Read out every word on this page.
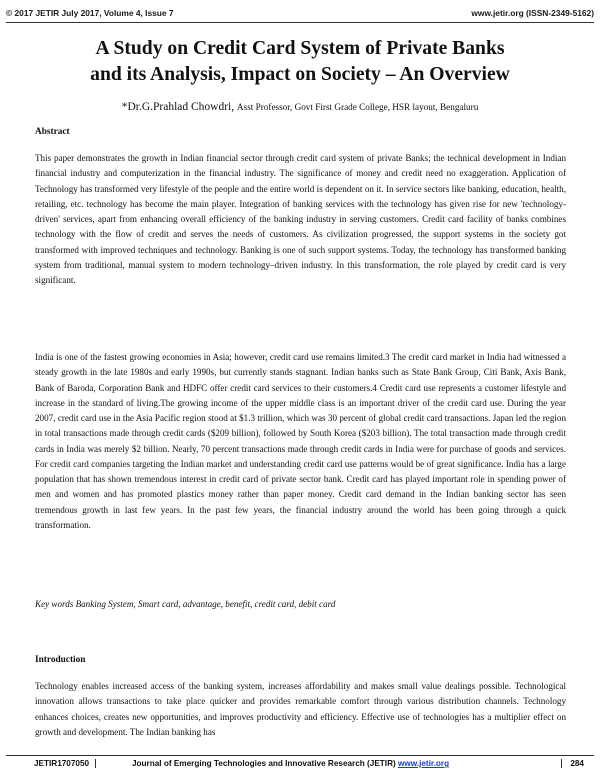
© 2017 JETIR July 2017, Volume 4, Issue 7	www.jetir.org (ISSN-2349-5162)
A Study on Credit Card System of Private Banks
and its Analysis, Impact on Society – An Overview
*Dr.G.Prahlad Chowdri, Asst Professor, Govt First Grade College, HSR layout, Bengaluru
Abstract

This paper demonstrates the growth in Indian financial sector through credit card system of private Banks; the technical development in Indian financial industry and computerization in the financial industry. The significance of money and credit need no exaggeration. Application of Technology has transformed very lifestyle of the people and the entire world is dependent on it. In service sectors like banking, education, health, retailing, etc. technology has become the main player. Integration of banking services with the technology has given rise for new 'technology-driven' services, apart from enhancing overall efficiency of the banking industry in serving customers. Credit card facility of banks combines technology with the flow of credit and serves the needs of customers. As civilization progressed, the support systems in the society got transformed with improved techniques and technology. Banking is one of such support systems. Today, the technology has transformed banking system from traditional, manual system to modern technology–driven industry. In this transformation, the role played by credit card is very significant.

India is one of the fastest growing economies in Asia; however, credit card use remains limited.3 The credit card market in India had witnessed a steady growth in the late 1980s and early 1990s, but currently stands stagnant. Indian banks such as State Bank Group, Citi Bank, Axis Bank, Bank of Baroda, Corporation Bank and HDFC offer credit card services to their customers.4 Credit card use represents a customer lifestyle and increase in the standard of living.The growing income of the upper middle class is an important driver of the credit card use. During the year 2007, credit card use in the Asia Pacific region stood at $1.3 trillion, which was 30 percent of global credit card transactions. Japan led the region in total transactions made through credit cards ($209 billion), followed by South Korea ($203 billion). The total transaction made through credit cards in India was merely $2 billion. Nearly, 70 percent transactions made through credit cards in India were for purchase of goods and services. For credit card companies targeting the Indian market and understanding credit card use patterns would be of great significance. India has a large population that has shown tremendous interest in credit card of private sector bank. Credit card has played important role in spending power of men and women and has promoted plastics money rather than paper money. Credit card demand in the Indian banking sector has seen tremendous growth in last few years. In the past few years, the financial industry around the world has been going through a quick transformation.

Key words Banking System, Smart card, advantage, benefit, credit card, debit card
Introduction

Technology enables increased access of the banking system, increases affordability and makes small value dealings possible. Technological innovation allows transactions to take place quicker and provides remarkable comfort through various distribution channels. Technology enhances choices, creates new opportunities, and improves productivity and efficiency. Effective use of technologies has a multiplier effect on growth and development. The Indian banking has

JETIR1707050	Journal of Emerging Technologies and Innovative Research (JETIR) www.jetir.org	284
